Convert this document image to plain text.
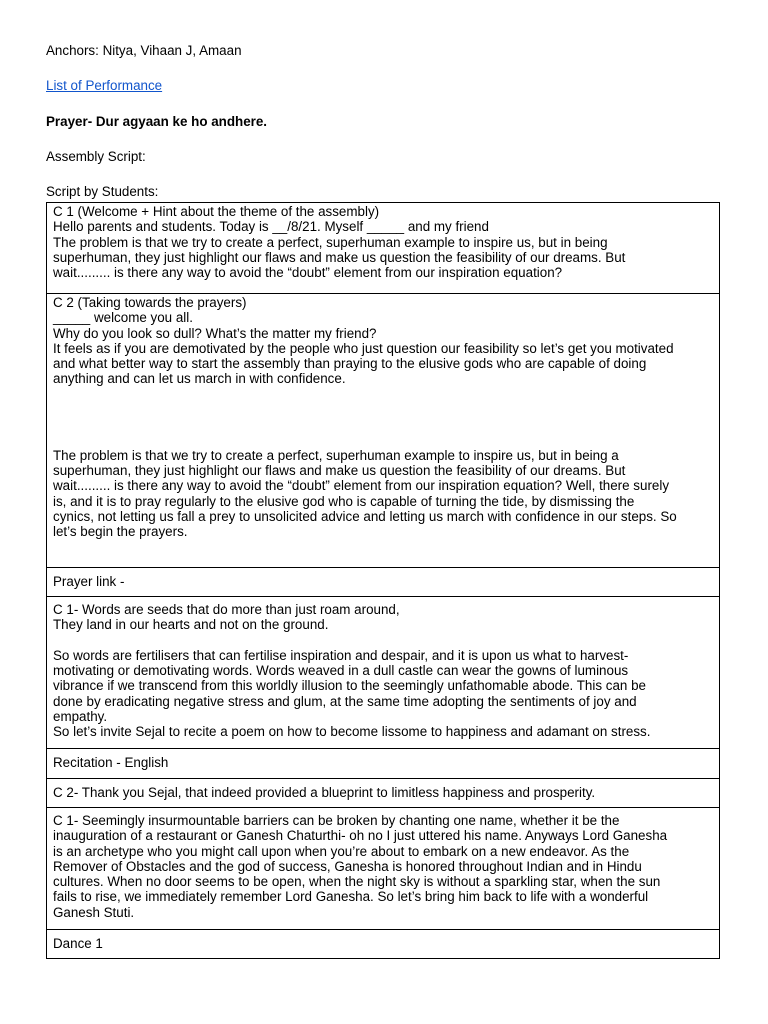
Anchors: Nitya, Vihaan J, Amaan
List of Performance
Prayer- Dur agyaan ke ho andhere.
Assembly Script:
Script by Students:
C 1 (Welcome + Hint about the theme of the assembly)
Hello parents and students. Today is __/8/21. Myself _____ and my friend
The problem is that we try to create a perfect, superhuman example to inspire us, but in being
superhuman, they just highlight our flaws and make us question the feasibility of our dreams. But
wait......... is there any way to avoid the “doubt” element from our inspiration equation?

C 2 (Taking towards the prayers)
_____ welcome you all.
Why do you look so dull? What’s the matter my friend?
It feels as if you are demotivated by the people who just question our feasibility so let’s get you motivated
and what better way to start the assembly than praying to the elusive gods who are capable of doing
anything and can let us march in with confidence.
The problem is that we try to create a perfect, superhuman example to inspire us, but in being a
superhuman, they just highlight our flaws and make us question the feasibility of our dreams. But
wait......... is there any way to avoid the “doubt” element from our inspiration equation? Well, there surely
is, and it is to pray regularly to the elusive god who is capable of turning the tide, by dismissing the
cynics, not letting us fall a prey to unsolicited advice and letting us march with confidence in our steps. So
let’s begin the prayers.

Prayer link -

C 1- Words are seeds that do more than just roam around,
They land in our hearts and not on the ground.
So words are fertilisers that can fertilise inspiration and despair, and it is upon us what to harvest-
motivating or demotivating words. Words weaved in a dull castle can wear the gowns of luminous
vibrance if we transcend from this worldly illusion to the seemingly unfathomable abode. This can be
done by eradicating negative stress and glum, at the same time adopting the sentiments of joy and
empathy.
So let’s invite Sejal to recite a poem on how to become lissome to happiness and adamant on stress.

Recitation - English

C 2- Thank you Sejal, that indeed provided a blueprint to limitless happiness and prosperity.

C 1- Seemingly insurmountable barriers can be broken by chanting one name, whether it be the
inauguration of a restaurant or Ganesh Chaturthi- oh no I just uttered his name. Anyways Lord Ganesha
is an archetype who you might call upon when you’re about to embark on a new endeavor. As the
Remover of Obstacles and the god of success, Ganesha is honored throughout Indian and in Hindu
cultures. When no door seems to be open, when the night sky is without a sparkling star, when the sun
fails to rise, we immediately remember Lord Ganesha. So let’s bring him back to life with a wonderful
Ganesh Stuti.

Dance 1
